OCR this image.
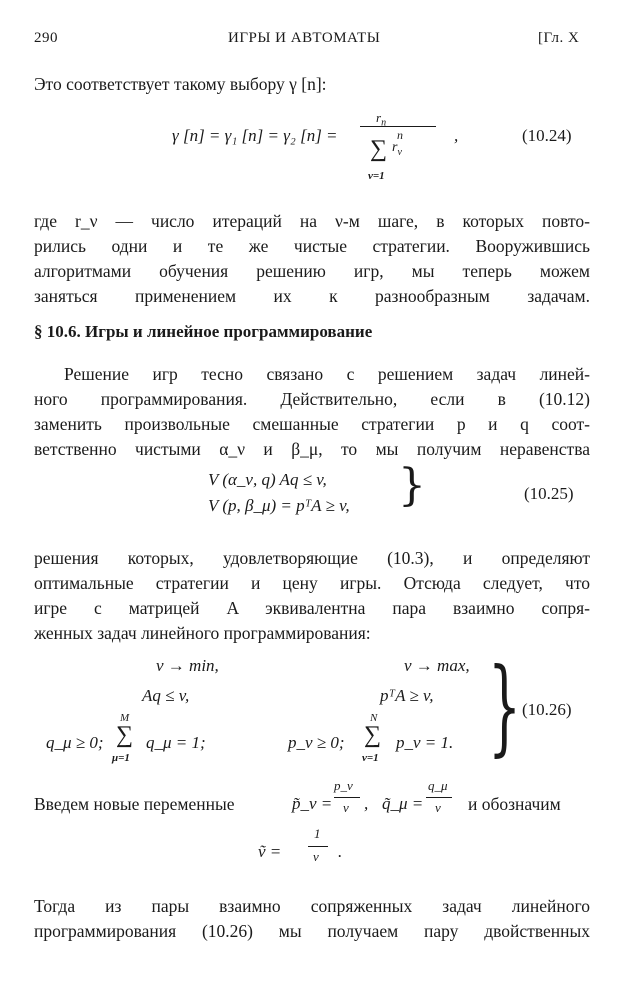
290	ИГРЫ И АВТОМАТЫ	[Гл. X
Это соответствует такому выбору γ [n]:
γ [n] = γ₁ [n] = γ₂ [n] =
$r_n$
n
∑ $r_\nu$
ν=1
,	(10.24)
где r_ν — число итераций на ν-м шаге, в которых повто-
рились одни и те же чистые стратегии. Вооружившись
алгоритмами обучения решению игр, мы теперь можем
заняться применением их к разнообразным задачам.
§ 10.6. Игры и линейное программирование
Решение игр тесно связано с решением задач линей-
ного программирования. Действительно, если в (10.12)
заменить произвольные смешанные стратегии p и q соот-
ветственно чистыми α_ν и β_μ, то мы получим неравенства
V (α_ν, q) Aq ≤ v,
V (p, β_μ) = pᵀA ≥ v, }	(10.25)
решения которых, удовлетворяющие (10.3), и определяют
оптимальные стратегии и цену игры. Отсюда следует, что
игре с матрицей A эквивалентна пара взаимно сопря-
женных задач линейного программирования:
v → min,
Aq ≤ v,
q_μ ≥ 0;
M
∑
μ=1
q_μ = 1;
v → max,
pᵀA ≥ v,
p_ν ≥ 0;
N
∑
ν=1
p_ν = 1. } (10.26)
Введем новые переменные	p̃_ν =
p_ν
v , q̃_μ =
q_μ
v и обозначим
ṽ =
1
v .
Тогда из пары взаимно сопряженных задач линейного
программирования (10.26) мы получаем пару двойственных
